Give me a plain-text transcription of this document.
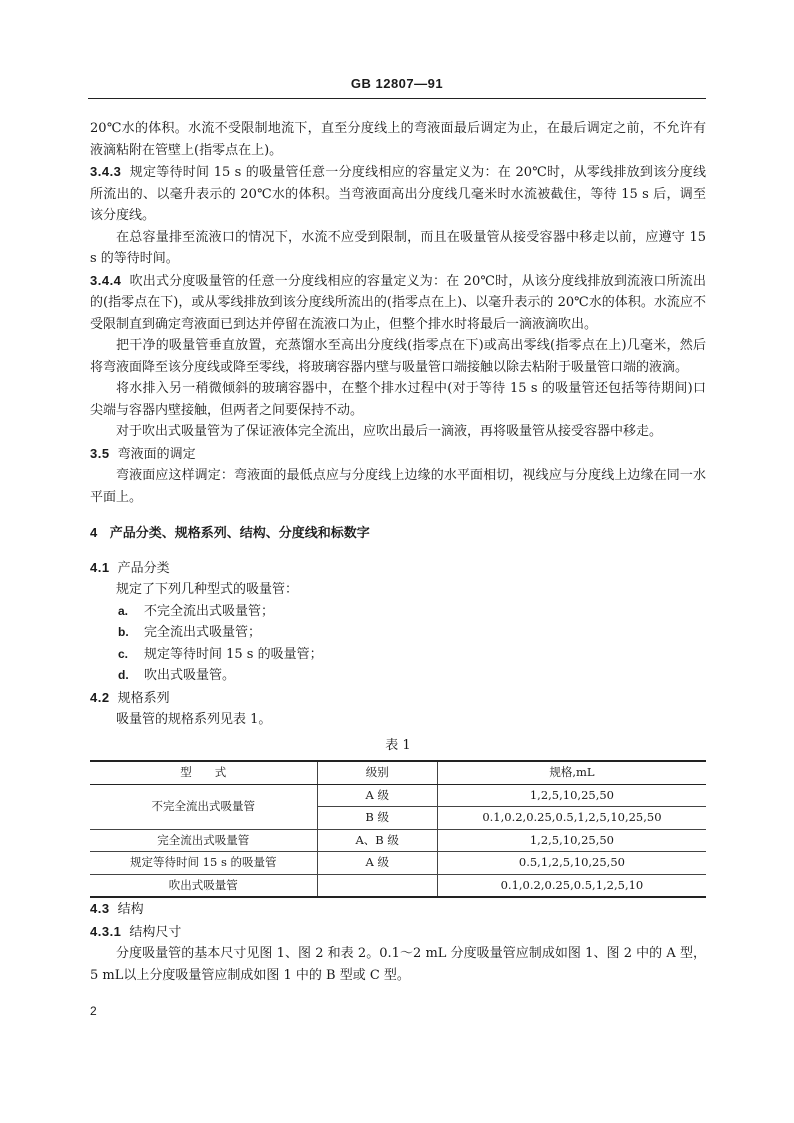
GB 12807—91

20℃水的体积。水流不受限制地流下，直至分度线上的弯液面最后调定为止，在最后调定之前，不允许有液滴粘附在管壁上(指零点在上)。

3.4.3 规定等待时间 15 s 的吸量管任意一分度线相应的容量定义为：在 20℃时，从零线排放到该分度线所流出的、以毫升表示的 20℃水的体积。当弯液面高出分度线几毫米时水流被截住，等待 15 s 后，调至该分度线。

在总容量排至流液口的情况下，水流不应受到限制，而且在吸量管从接受容器中移走以前，应遵守 15 s 的等待时间。

3.4.4 吹出式分度吸量管的任意一分度线相应的容量定义为：在 20℃时，从该分度线排放到流液口所流出的(指零点在下)，或从零线排放到该分度线所流出的(指零点在上)、以毫升表示的 20℃水的体积。水流应不受限制直到确定弯液面已到达并停留在流液口为止，但整个排水时将最后一滴液滴吹出。

把干净的吸量管垂直放置，充蒸馏水至高出分度线(指零点在下)或高出零线(指零点在上)几毫米，然后将弯液面降至该分度线或降至零线，将玻璃容器内壁与吸量管口端接触以除去粘附于吸量管口端的液滴。

将水排入另一稍微倾斜的玻璃容器中，在整个排水过程中(对于等待 15 s 的吸量管还包括等待期间)口尖端与容器内壁接触，但两者之间要保持不动。

对于吹出式吸量管为了保证液体完全流出，应吹出最后一滴液，再将吸量管从接受容器中移走。

3.5 弯液面的调定

弯液面应这样调定：弯液面的最低点应与分度线上边缘的水平面相切，视线应与分度线上边缘在同一水平面上。

4 产品分类、规格系列、结构、分度线和标数字

4.1 产品分类

规定了下列几种型式的吸量管：

a. 不完全流出式吸量管；

b. 完全流出式吸量管；

c. 规定等待时间 15 s 的吸量管；

d. 吹出式吸量管。

4.2 规格系列

吸量管的规格系列见表 1。

表 1
型　　式	级别	规格,mL
不完全流出式吸量管	A 级	1,2,5,10,25,50
	B 级	0.1,0.2,0.25,0.5,1,2,5,10,25,50
完全流出式吸量管	A、B 级	1,2,5,10,25,50
规定等待时间 15 s 的吸量管	A 级	0.5,1,2,5,10,25,50
吹出式吸量管		0.1,0.2,0.25,0.5,1,2,5,10

4.3 结构

4.3.1 结构尺寸

分度吸量管的基本尺寸见图 1、图 2 和表 2。0.1～2 mL 分度吸量管应制成如图 1、图 2 中的 A 型，5 mL以上分度吸量管应制成如图 1 中的 B 型或 C 型。

2
